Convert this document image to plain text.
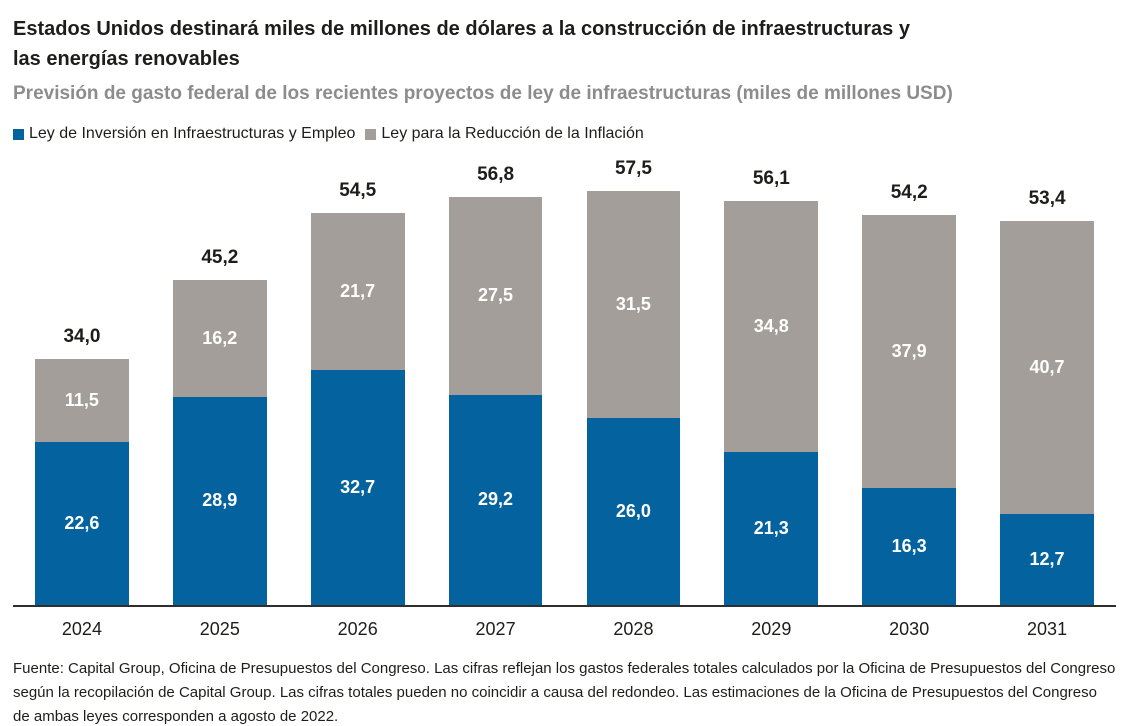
Estados Unidos destinará miles de millones de dólares a la construcción de infraestructuras y las energías renovables

Previsión de gasto federal de los recientes proyectos de ley de infraestructuras (miles de millones USD)

Ley de Inversión en Infraestructuras y Empleo Ley para la Reducción de la Inflación
34,0
11,5
22,6
45,2
16,2
28,9
54,5
21,7
32,7
56,8
27,5
29,2
57,5
31,5
26,0
56,1
34,8
21,3
54,2
37,9
16,3
53,4
40,7
12,7
2024	2025	2026	2027	2028	2029	2030	2031

Fuente: Capital Group, Oficina de Presupuestos del Congreso. Las cifras reflejan los gastos federales totales calculados por la Oficina de Presupuestos del Congreso según la recopilación de Capital Group. Las cifras totales pueden no coincidir a causa del redondeo. Las estimaciones de la Oficina de Presupuestos del Congreso de ambas leyes corresponden a agosto de 2022.
